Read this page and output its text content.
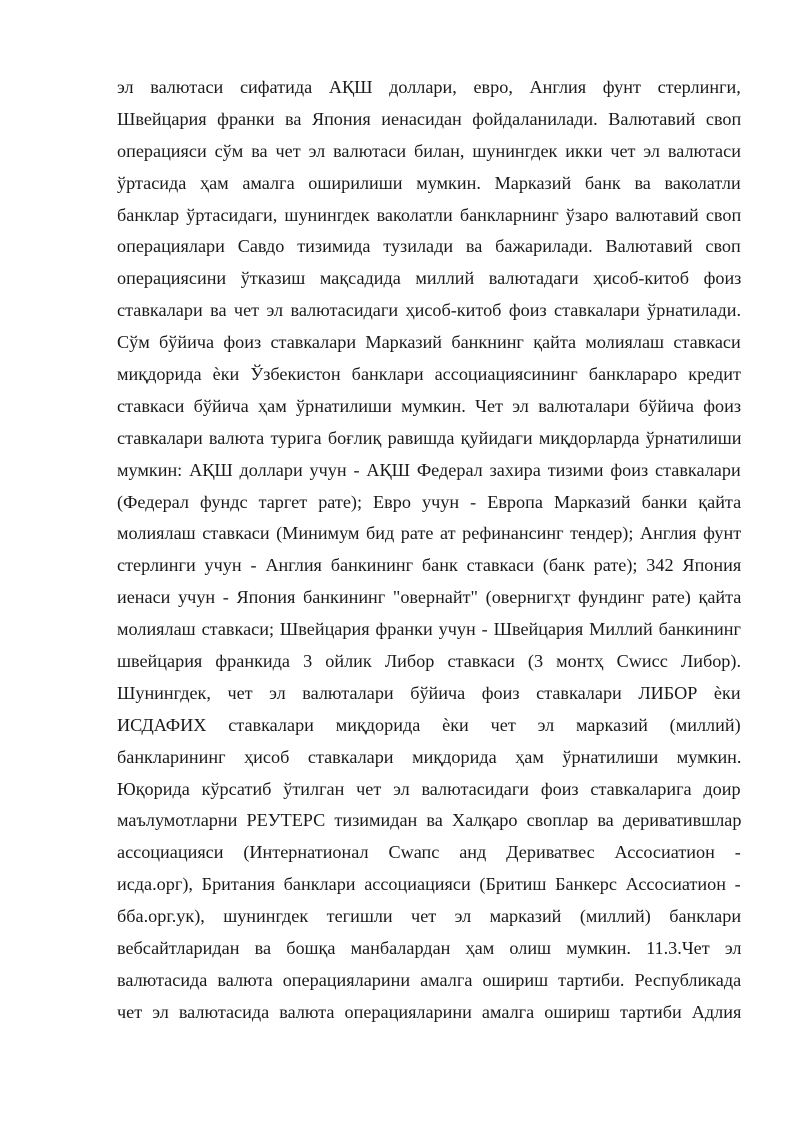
эл валютаси сифатида АҚШ доллари, евро, Англия фунт стерлинги,
Швейцария франки ва Япония иенасидан фойдаланилади. Валютавий своп
операцияси сўм ва чет эл валютаси билан, шунингдек икки чет эл валютаси
ўртасида ҳам амалга оширилиши мумкин. Марказий банк ва ваколатли
банклар ўртасидаги, шунингдек ваколатли банкларнинг ўзаро валютавий своп
операциялари Савдо тизимида тузилади ва бажарилади. Валютавий своп
операциясини ўтказиш мақсадида миллий валютадаги ҳисоб-китоб фоиз
ставкалари ва чет эл валютасидаги ҳисоб-китоб фоиз ставкалари ўрнатилади.
Сўм бўйича фоиз ставкалари Марказий банкнинг қайта молиялаш ставкаси
миқдорида ѐки Ўзбекистон банклари ассоциациясининг банклараро кредит
ставкаси бўйича ҳам ўрнатилиши мумкин. Чет эл валюталари бўйича фоиз
ставкалари валюта турига боғлиқ равишда қуйидаги миқдорларда ўрнатилиши
мумкин: АҚШ доллари учун - АҚШ Федерал захира тизими фоиз ставкалари
(Федерал фундс таргет рате); Евро учун - Европа Марказий банки қайта
молиялаш ставкаси (Минимум бид рате ат рефинансинг тендер); Англия фунт
стерлинги учун - Англия банкининг банк ставкаси (банк рате); 342 Япония
иенаси учун - Япония банкининг "овернайт" (овернигҳт фундинг рате) қайта
молиялаш ставкаси; Швейцария франки учун - Швейцария Миллий банкининг
швейцария франкида 3 ойлик Либор ставкаси (3 монтҳ Сwисс Либор).
Шунингдек, чет эл валюталари бўйича фоиз ставкалари ЛИБОР ѐки
ИСДАФИХ ставкалари миқдорида ѐки чет эл марказий (миллий)
банкларининг ҳисоб ставкалари миқдорида ҳам ўрнатилиши мумкин.
Юқорида кўрсатиб ўтилган чет эл валютасидаги фоиз ставкаларига доир
маълумотларни РЕУТЕРС тизимидан ва Халқаро своплар ва дериватившлар
ассоциацияси (Интернатионал Сwапс анд Дериватвес Ассосиатион -
исда.орг), Британия банклари ассоциацияси (Бритиш Банкерс Ассосиатион -
бба.орг.ук), шунингдек тегишли чет эл марказий (миллий) банклари
вебсайтларидан ва бошқа манбалардан ҳам олиш мумкин. 11.3.Чет эл
валютасида валюта операцияларини амалга ошириш тартиби. Республикада
чет эл валютасида валюта операцияларини амалга ошириш тартиби Адлия
